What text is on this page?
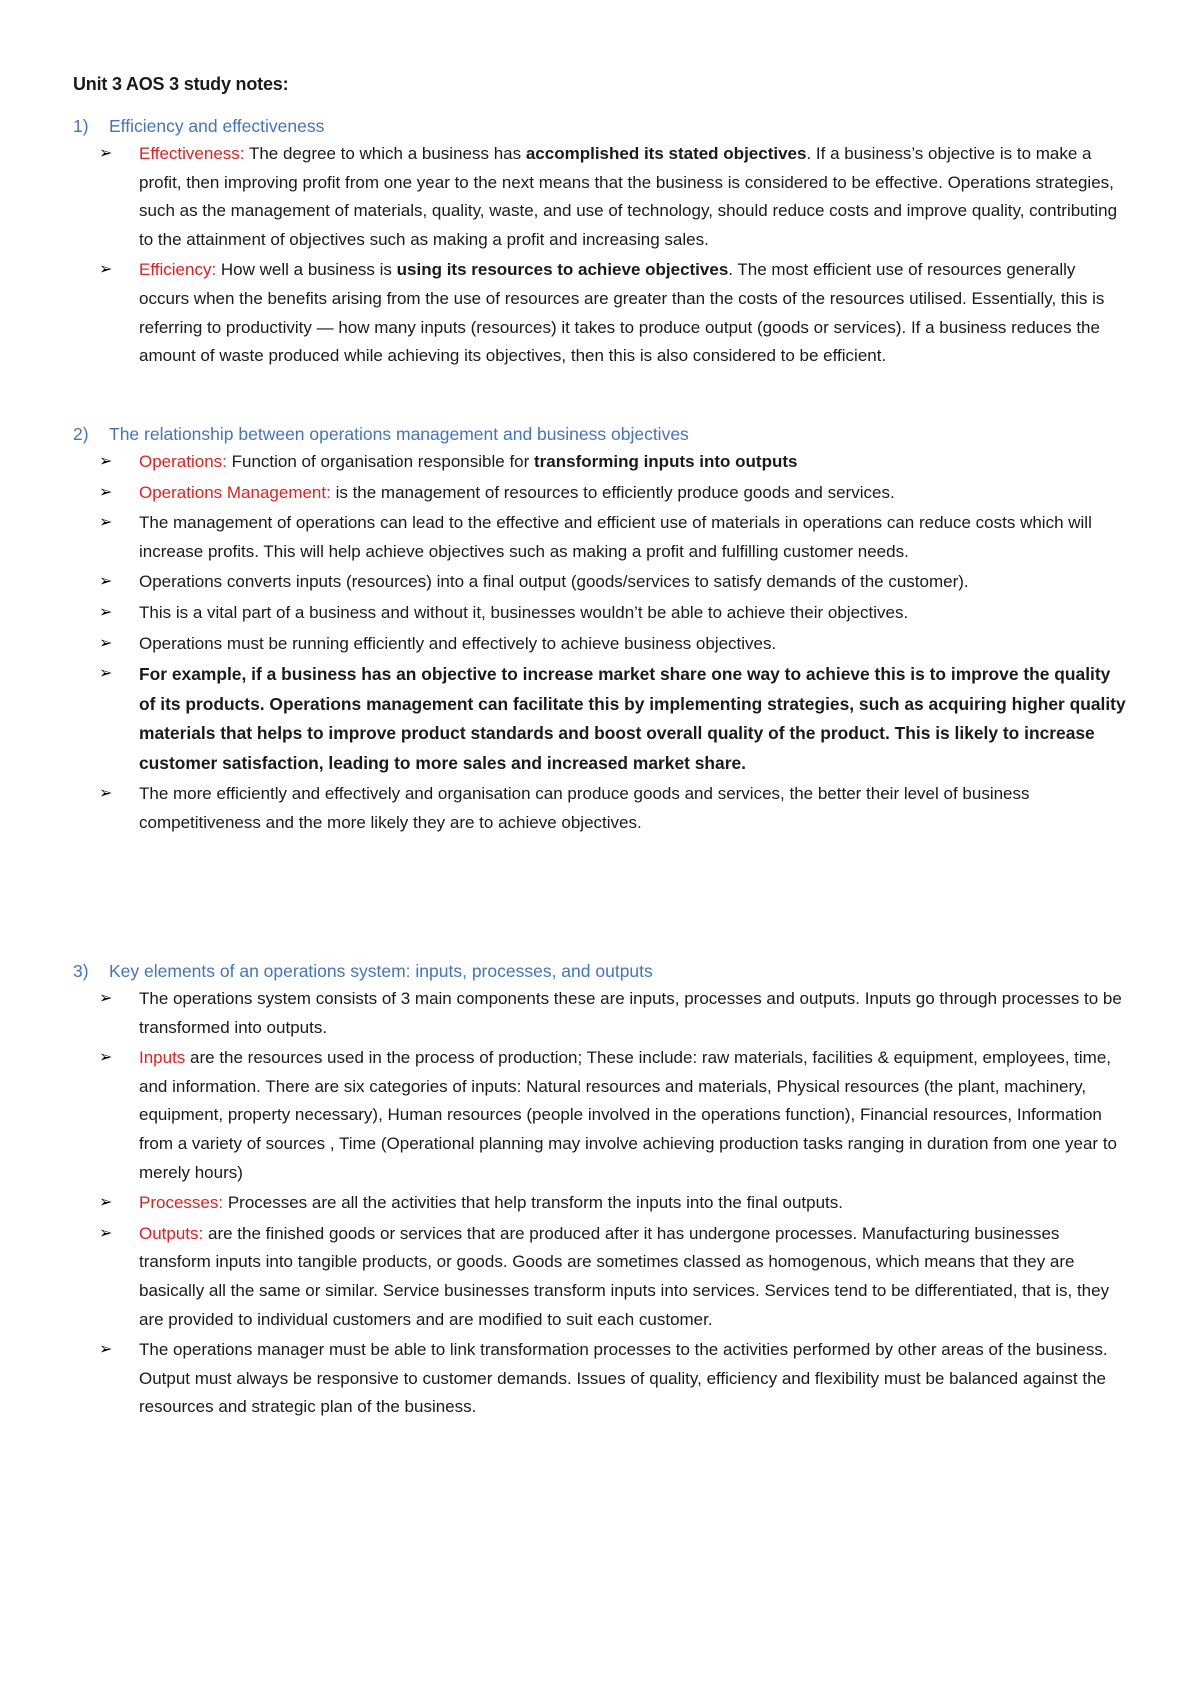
Unit 3 AOS 3 study notes:
1) Efficiency and effectiveness
➢ Effectiveness: The degree to which a business has accomplished its stated objectives. If a business’s objective is to make a profit, then improving profit from one year to the next means that the business is considered to be effective. Operations strategies, such as the management of materials, quality, waste, and use of technology, should reduce costs and improve quality, contributing to the attainment of objectives such as making a profit and increasing sales.
➢ Efficiency: How well a business is using its resources to achieve objectives. The most efficient use of resources generally occurs when the benefits arising from the use of resources are greater than the costs of the resources utilised. Essentially, this is referring to productivity — how many inputs (resources) it takes to produce output (goods or services). If a business reduces the amount of waste produced while achieving its objectives, then this is also considered to be efficient.
2) The relationship between operations management and business objectives
➢ Operations: Function of organisation responsible for transforming inputs into outputs
➢ Operations Management: is the management of resources to efficiently produce goods and services.
➢ The management of operations can lead to the effective and efficient use of materials in operations can reduce costs which will increase profits. This will help achieve objectives such as making a profit and fulfilling customer needs.
➢ Operations converts inputs (resources) into a final output (goods/services to satisfy demands of the customer).
➢ This is a vital part of a business and without it, businesses wouldn’t be able to achieve their objectives.
➢ Operations must be running efficiently and effectively to achieve business objectives.
➢ For example, if a business has an objective to increase market share one way to achieve this is to improve the quality of its products. Operations management can facilitate this by implementing strategies, such as acquiring higher quality materials that helps to improve product standards and boost overall quality of the product. This is likely to increase customer satisfaction, leading to more sales and increased market share.
➢ The more efficiently and effectively and organisation can produce goods and services, the better their level of business competitiveness and the more likely they are to achieve objectives.
3) Key elements of an operations system: inputs, processes, and outputs
➢ The operations system consists of 3 main components these are inputs, processes and outputs. Inputs go through processes to be transformed into outputs.
➢ Inputs are the resources used in the process of production; These include: raw materials, facilities & equipment, employees, time, and information. There are six categories of inputs: Natural resources and materials, Physical resources (the plant, machinery, equipment, property necessary), Human resources (people involved in the operations function), Financial resources, Information from a variety of sources , Time (Operational planning may involve achieving production tasks ranging in duration from one year to merely hours)
➢ Processes: Processes are all the activities that help transform the inputs into the final outputs.
➢ Outputs: are the finished goods or services that are produced after it has undergone processes. Manufacturing businesses transform inputs into tangible products, or goods. Goods are sometimes classed as homogenous, which means that they are basically all the same or similar. Service businesses transform inputs into services. Services tend to be differentiated, that is, they are provided to individual customers and are modified to suit each customer.
➢ The operations manager must be able to link transformation processes to the activities performed by other areas of the business. Output must always be responsive to customer demands. Issues of quality, efficiency and flexibility must be balanced against the resources and strategic plan of the business.
